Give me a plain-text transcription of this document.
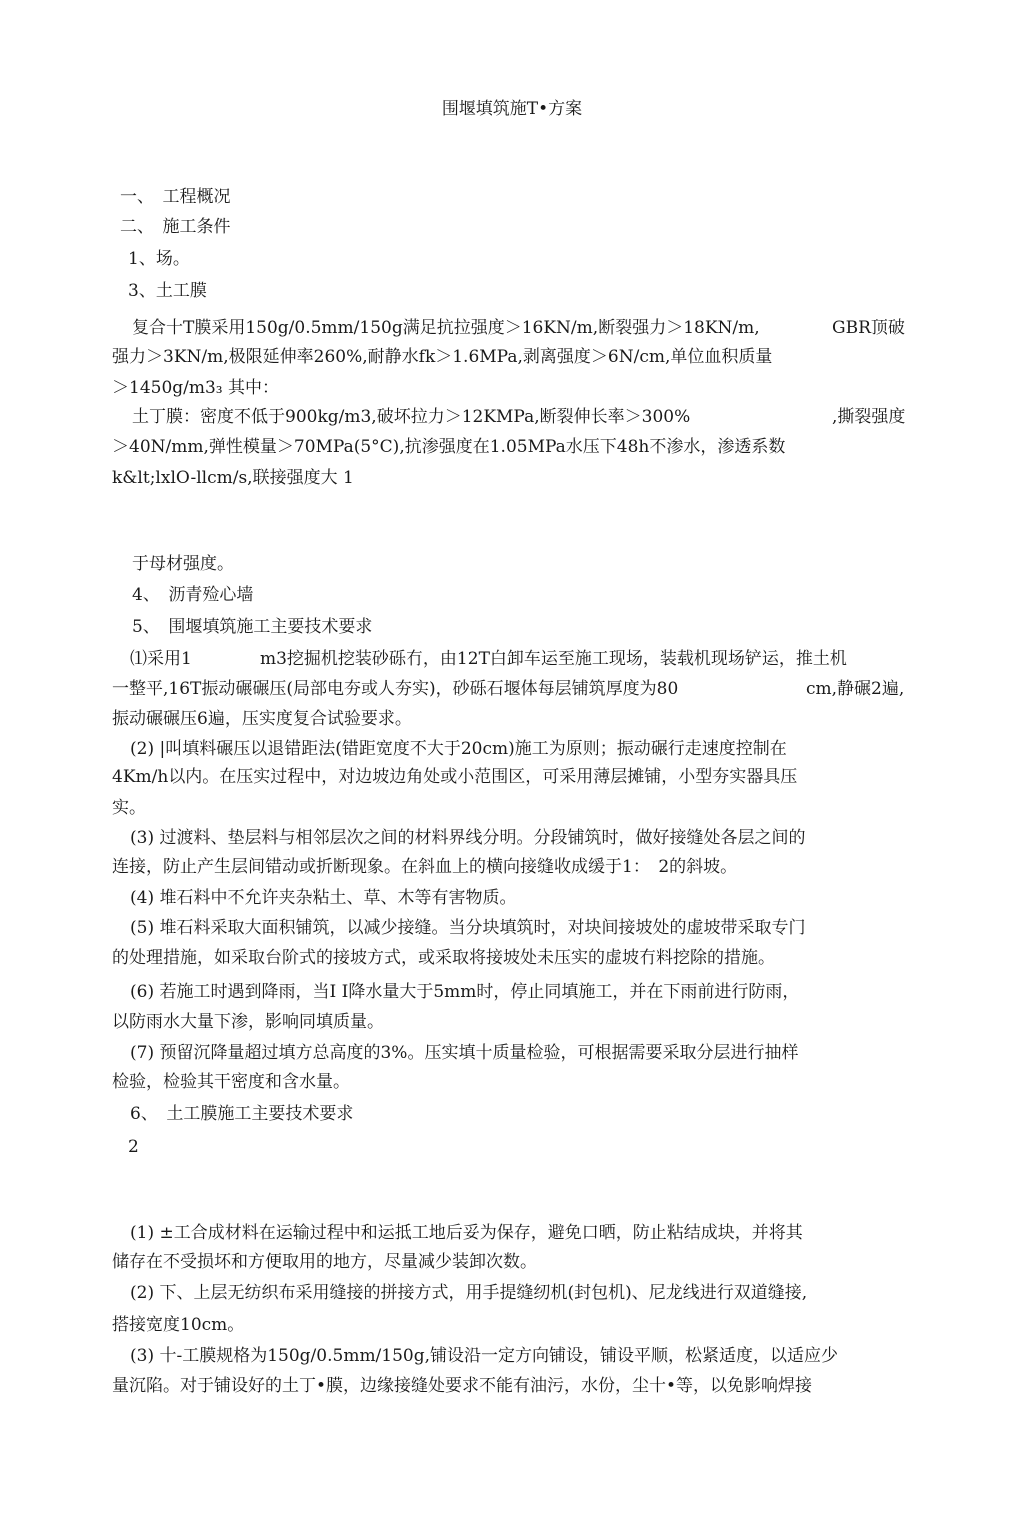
围堰填筑施T•方案
一、　工程概况
二、　施工条件
1、场。
3、土工膜
复合十T膜采用150g/0.5mm/150g满足抗拉强度＞16KN/m,断裂强力＞18KN/m,	GBR顶破
强力＞3KN/m,极限延伸率260%,耐静水fk＞1.6MPa,剥离强度＞6N/cm,单位血积质量
＞1450g/m3₃ 其中：
土丁膜：密度不低于900kg/m3,破坏拉力＞12KMPa,断裂伸长率＞300%	,撕裂强度
＞40N/mm,弹性模量＞70MPa(5°C),抗渗强度在1.05MPa水压下48h不渗水，渗透系数
k&lt;lxlO-llcm/s,联接强度大 1
于母材强度。
4、　沥青殓心墙
5、　围堰填筑施工主要技术要求
⑴采用1	m3挖掘机挖装砂砾冇，由12T白卸车运至施工现场，装载机现场铲运，推土机
一整平,16T振动碾碾压(局部电夯或人夯实)，砂砾石堰体每层铺筑厚度为80	cm,静碾2遍,
振动碾碾压6遍，压实度复合试验要求。
(2) |叫填料碾压以退错距法(错距宽度不大于20cm)施工为原则；振动碾行走速度控制在
4Km/h以内。在压实过程中，对边坡边角处或小范围区，可采用薄层摊铺，小型夯实器具压
实。
(3) 过渡料、垫层料与相邻层次之间的材料界线分明。分段铺筑时，做好接缝处各层之间的
连接，防止产生层间错动或折断现象。在斜血上的横向接缝收成缓于1：　2的斜坡。
(4) 堆石料中不允许夹杂粘土、草、木等有害物质。
(5) 堆石料采取大面积铺筑，以减少接缝。当分块填筑时，对块间接坡处的虚坡带采取专门
的处理措施，如采取台阶式的接坡方式，或采取将接坡处未压实的虚坡冇料挖除的措施。
(6) 若施工时遇到降雨，当I I降水量大于5mm时，停止同填施工，并在下雨前进行防雨，
以防雨水大量下渗，影响同填质量。
(7) 预留沉降量超过填方总高度的3%。压实填十质量检验，可根据需要采取分层进行抽样
检验，检验其干密度和含水量。
6、　土工膜施工主要技术要求
2
(1) ±工合成材料在运输过程中和运抵工地后妥为保存，避免口晒，防止粘结成块，并将其
储存在不受损坏和方便取用的地方，尽量减少装卸次数。
(2) 下、上层无纺织布采用缝接的拼接方式，用手提缝纫机(封包机)、尼龙线进行双道缝接,
搭接宽度10cm。
(3) 十-工膜规格为150g/0.5mm/150g,铺设沿一定方向铺设，铺设平顺，松紧适度，以适应少
量沉陷。对于铺设好的土丁•膜，边缘接缝处要求不能有油污，水份，尘十•等，以免影响焊接
